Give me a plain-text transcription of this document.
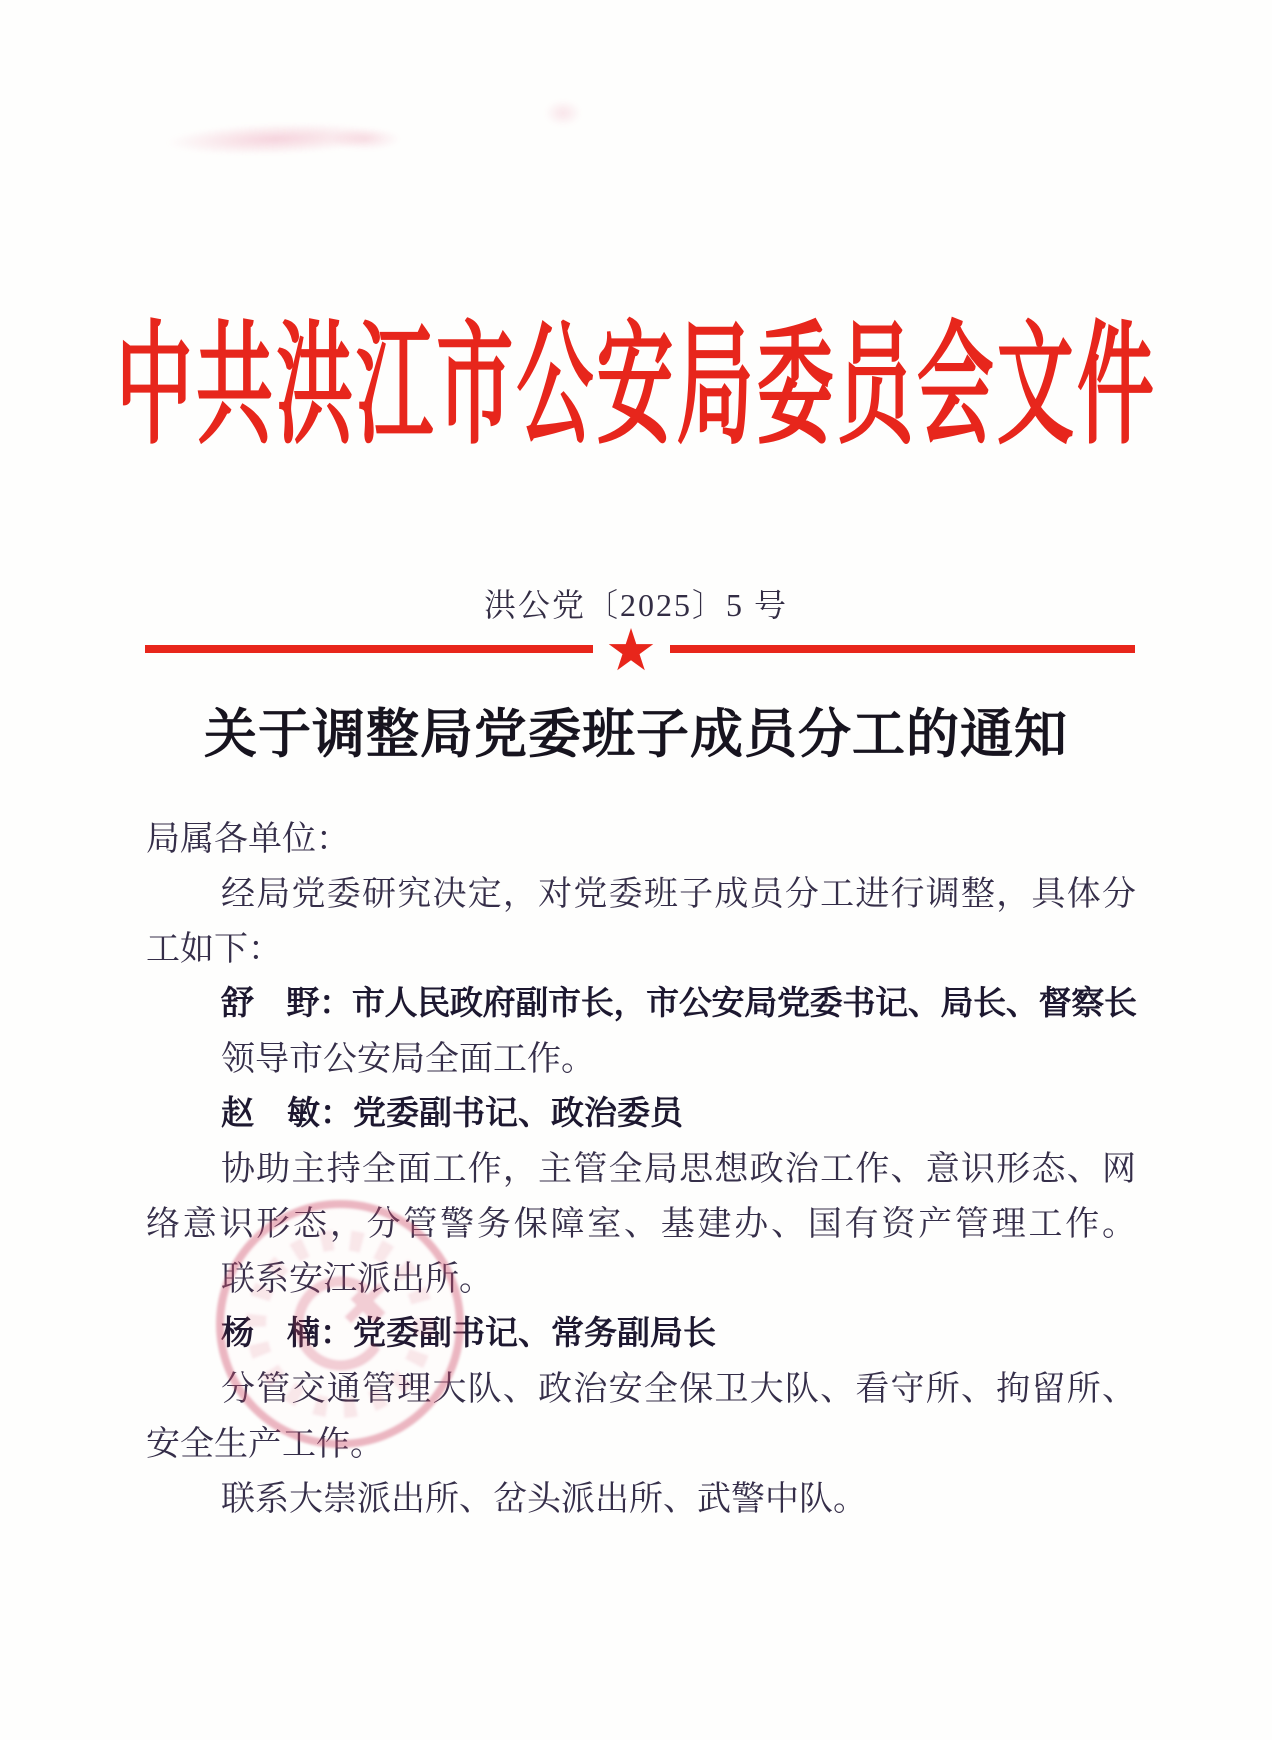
中共洪江市公安局委员会文件
洪公党〔2025〕5 号
★
关于调整局党委班子成员分工的通知
局属各单位：
经局党委研究决定，对党委班子成员分工进行调整，具体分
工如下：
舒　野：市人民政府副市长，市公安局党委书记、局长、督察长
领导市公安局全面工作。
赵　敏：党委副书记、政治委员
协助主持全面工作，主管全局思想政治工作、意识形态、网
络意识形态，分管警务保障室、基建办、国有资产管理工作。
联系安江派出所。
杨　楠：党委副书记、常务副局长
分管交通管理大队、政治安全保卫大队、看守所、拘留所、
安全生产工作。
联系大崇派出所、岔头派出所、武警中队。
